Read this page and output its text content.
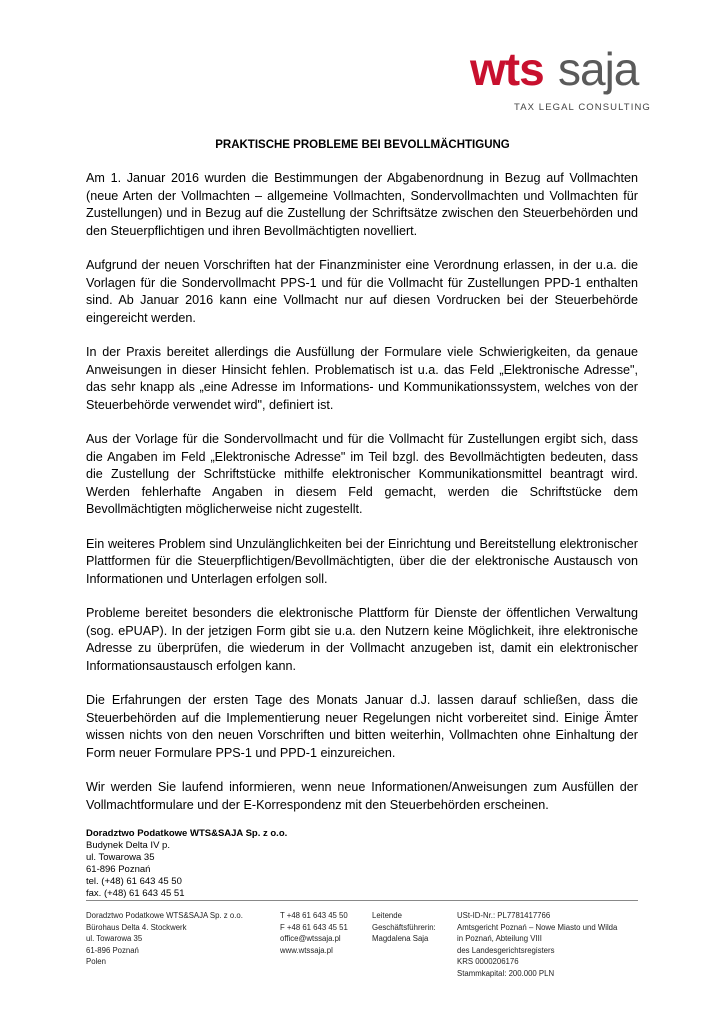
wts saja
TAX LEGAL CONSULTING
PRAKTISCHE PROBLEME BEI BEVOLLMÄCHTIGUNG

Am 1. Januar 2016 wurden die Bestimmungen der Abgabenordnung in Bezug auf Vollmachten (neue Arten der Vollmachten – allgemeine Vollmachten, Sondervollmachten und Vollmachten für Zustellungen) und in Bezug auf die Zustellung der Schriftsätze zwischen den Steuerbehörden und den Steuerpflichtigen und ihren Bevollmächtigten novelliert.

Aufgrund der neuen Vorschriften hat der Finanzminister eine Verordnung erlassen, in der u.a. die Vorlagen für die Sondervollmacht PPS-1 und für die Vollmacht für Zustellungen PPD-1 enthalten sind. Ab Januar 2016 kann eine Vollmacht nur auf diesen Vordrucken bei der Steuerbehörde eingereicht werden.

In der Praxis bereitet allerdings die Ausfüllung der Formulare viele Schwierigkeiten, da genaue Anweisungen in dieser Hinsicht fehlen. Problematisch ist u.a. das Feld „Elektronische Adresse", das sehr knapp als „eine Adresse im Informations- und Kommunikationssystem, welches von der Steuerbehörde verwendet wird", definiert ist.

Aus der Vorlage für die Sondervollmacht und für die Vollmacht für Zustellungen ergibt sich, dass die Angaben im Feld „Elektronische Adresse" im Teil bzgl. des Bevollmächtigten bedeuten, dass die Zustellung der Schriftstücke mithilfe elektronischer Kommunikationsmittel beantragt wird. Werden fehlerhafte Angaben in diesem Feld gemacht, werden die Schriftstücke dem Bevollmächtigten möglicherweise nicht zugestellt.

Ein weiteres Problem sind Unzulänglichkeiten bei der Einrichtung und Bereitstellung elektronischer Plattformen für die Steuerpflichtigen/Bevollmächtigten, über die der elektronische Austausch von Informationen und Unterlagen erfolgen soll.

Probleme bereitet besonders die elektronische Plattform für Dienste der öffentlichen Verwaltung (sog. ePUAP). In der jetzigen Form gibt sie u.a. den Nutzern keine Möglichkeit, ihre elektronische Adresse zu überprüfen, die wiederum in der Vollmacht anzugeben ist, damit ein elektronischer Informationsaustausch erfolgen kann.

Die Erfahrungen der ersten Tage des Monats Januar d.J. lassen darauf schließen, dass die Steuerbehörden auf die Implementierung neuer Regelungen nicht vorbereitet sind. Einige Ämter wissen nichts von den neuen Vorschriften und bitten weiterhin, Vollmachten ohne Einhaltung der Form neuer Formulare PPS-1 und PPD-1 einzureichen.

Wir werden Sie laufend informieren, wenn neue Informationen/Anweisungen zum Ausfüllen der Vollmachtformulare und der E-Korrespondenz mit den Steuerbehörden erscheinen.

Doradztwo Podatkowe WTS&SAJA Sp. z o.o.
Budynek Delta IV p.
ul. Towarowa 35
61-896 Poznań
tel. (+48) 61 643 45 50
fax. (+48) 61 643 45 51
Doradztwo Podatkowe WTS&SAJA Sp. z o.o.
Bürohaus Delta 4. Stockwerk
ul. Towarowa 35
61-896 Poznań
Polen
T +48 61 643 45 50
F +48 61 643 45 51
office@wtssaja.pl
www.wtssaja.pl
Leitende
Geschäftsführerin:
Magdalena Saja
USt-ID-Nr.: PL7781417766
Amtsgericht Poznań – Nowe Miasto und Wilda
in Poznań, Abteilung VIII
des Landesgerichtsregisters
KRS 0000206176
Stammkapital: 200.000 PLN
